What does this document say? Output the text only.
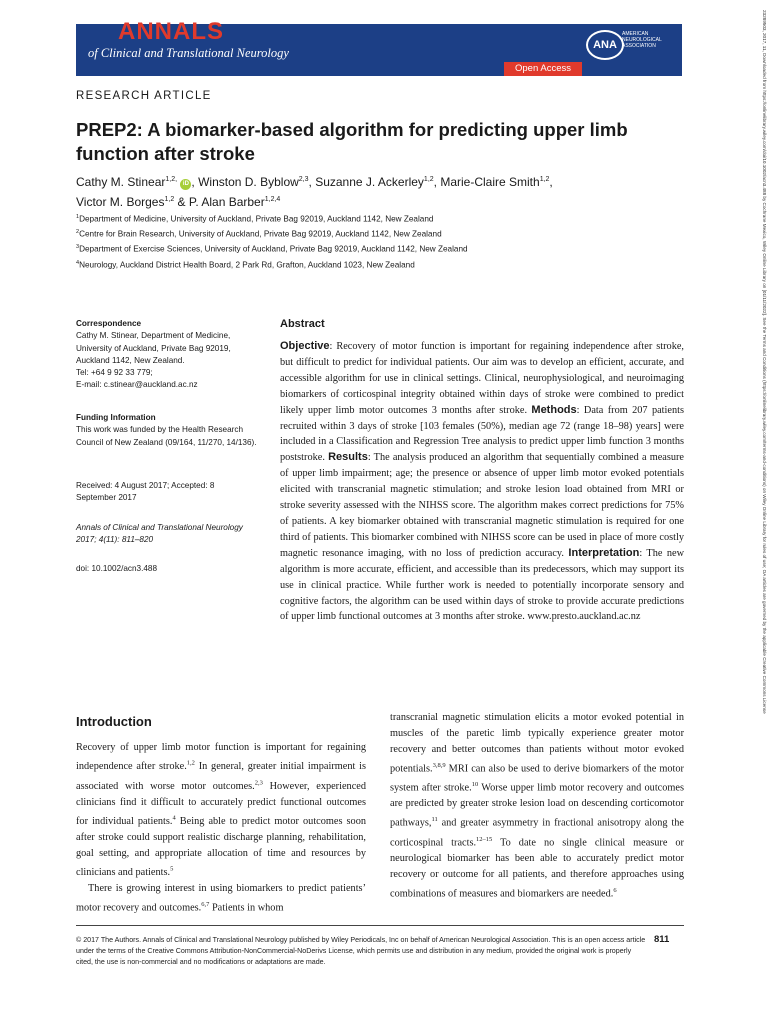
ANNALS
of Clinical and Translational Neurology
ANA
AMERICAN NEUROLOGICAL ASSOCIATION
Open Access
RESEARCH ARTICLE
PREP2: A biomarker-based algorithm for predicting upper limb function after stroke
Cathy M. Stinear$^{1,2,}$ iD , Winston D. Byblow$^{2,3}$, Suzanne J. Ackerley$^{1,2}$, Marie-Claire Smith$^{1,2}$,
Victor M. Borges$^{1,2}$ & P. Alan Barber$^{1,2,4}$
$^1$Department of Medicine, University of Auckland, Private Bag 92019, Auckland 1142, New Zealand
$^2$Centre for Brain Research, University of Auckland, Private Bag 92019, Auckland 1142, New Zealand
$^3$Department of Exercise Sciences, University of Auckland, Private Bag 92019, Auckland 1142, New Zealand
$^4$Neurology, Auckland District Health Board, 2 Park Rd, Grafton, Auckland 1023, New Zealand
Correspondence
Cathy M. Stinear, Department of Medicine,
University of Auckland, Private Bag 92019,
Auckland 1142, New Zealand.
Tel: +64 9 92 33 779;
E-mail: c.stinear@auckland.ac.nz
Funding Information
This work was funded by the Health Research Council of New Zealand (09/164, 11/270, 14/136).
Received: 4 August 2017; Accepted: 8 September 2017
Annals of Clinical and Translational Neurology 2017; 4(11): 811–820
doi: 10.1002/acn3.488
Abstract
Objective: Recovery of motor function is important for regaining independence after stroke, but difficult to predict for individual patients. Our aim was to develop an efficient, accurate, and accessible algorithm for use in clinical settings. Clinical, neurophysiological, and neuroimaging biomarkers of corticospinal integrity obtained within days of stroke were combined to predict likely upper limb motor outcomes 3 months after stroke. Methods: Data from 207 patients recruited within 3 days of stroke [103 females (50%), median age 72 (range 18–98) years] were included in a Classification and Regression Tree analysis to predict upper limb function 3 months poststroke. Results: The analysis produced an algorithm that sequentially combined a measure of upper limb impairment; age; the presence or absence of upper limb motor evoked potentials elicited with transcranial magnetic stimulation; and stroke lesion load obtained from MRI or stroke severity assessed with the NIHSS score. The algorithm makes correct predictions for 75% of patients. A key biomarker obtained with transcranial magnetic stimulation is required for one third of patients. This biomarker combined with NIHSS score can be used in place of more costly magnetic resonance imaging, with no loss of prediction accuracy. Interpretation: The new algorithm is more accurate, efficient, and accessible than its predecessors, which may support its use in clinical practice. While further work is needed to potentially incorporate sensory and cognitive factors, the algorithm can be used within days of stroke to provide accurate predictions of upper limb functional outcomes at 3 months after stroke. www.presto.auckland.ac.nz
Introduction
Recovery of upper limb motor function is important for regaining independence after stroke.$^{1,2}$ In general, greater initial impairment is associated with worse motor outcomes.$^{2,3}$ However, experienced clinicians find it difficult to accurately predict functional outcomes for individual patients.$^4$ Being able to predict motor outcomes soon after stroke could support realistic discharge planning, rehabilitation, goal setting, and appropriate allocation of time and resources by clinicians and patients.$^5$
There is growing interest in using biomarkers to predict patients’ motor recovery and outcomes.$^{6,7}$ Patients in whom
transcranial magnetic stimulation elicits a motor evoked potential in muscles of the paretic limb typically experience greater motor recovery and better outcomes than patients without motor evoked potentials.$^{3,8,9}$ MRI can also be used to derive biomarkers of the motor system after stroke.$^{10}$ Worse upper limb motor recovery and outcomes are predicted by greater stroke lesion load on descending corticomotor pathways,$^{11}$ and greater asymmetry in fractional anisotropy along the corticospinal tracts.$^{12-15}$ To date no single clinical measure or neurological biomarker has been able to accurately predict motor recovery or outcome for all patients, and therefore approaches using combinations of measures and biomarkers are needed.$^6$
© 2017 The Authors. Annals of Clinical and Translational Neurology published by Wiley Periodicals, Inc on behalf of American Neurological Association. This is an open access article under the terms of the Creative Commons Attribution-NonCommercial-NoDerivs License, which permits use and distribution in any medium, provided the original work is properly cited, the use is non-commercial and no modifications or adaptations are made.
811
23289503, 2017, 11, Downloaded from https://onlinelibrary.wiley.com/doi/10.1002/acn3.488 by Cochrane Mexico, Wiley Online Library on [01/11/2022]. See the Terms and Conditions (https://onlinelibrary.wiley.com/terms-and-conditions) on Wiley Online Library for rules of use; OA articles are governed by the applicable Creative Commons License
